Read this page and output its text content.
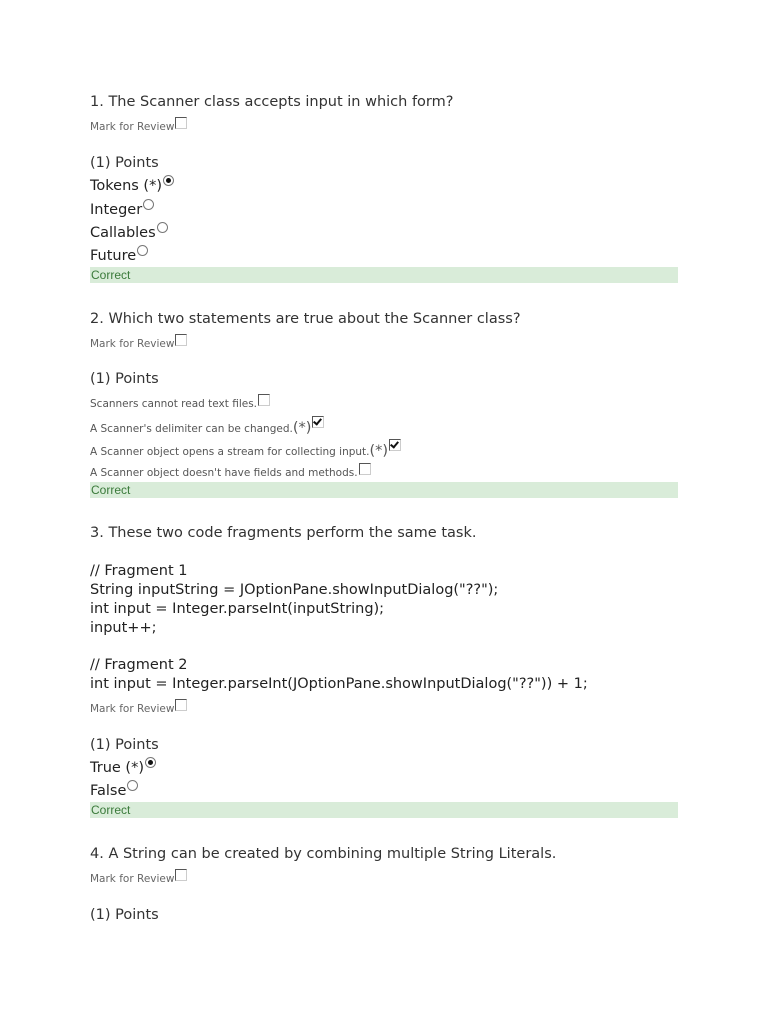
1. The Scanner class accepts input in which form?
Mark for Review
(1) Points
Tokens (*)
Integer
Callables
Future
Correct
2. Which two statements are true about the Scanner class?
Mark for Review
(1) Points
Scanners cannot read text files.
A Scanner's delimiter can be changed.(*)
A Scanner object opens a stream for collecting input.(*)
A Scanner object doesn't have fields and methods.
Correct
3. These two code fragments perform the same task.
// Fragment 1
String inputString = JOptionPane.showInputDialog("??");
int input = Integer.parseInt(inputString);
input++;
// Fragment 2
int input = Integer.parseInt(JOptionPane.showInputDialog("??")) + 1;
Mark for Review
(1) Points
True (*)
False
Correct
4. A String can be created by combining multiple String Literals.
Mark for Review
(1) Points
